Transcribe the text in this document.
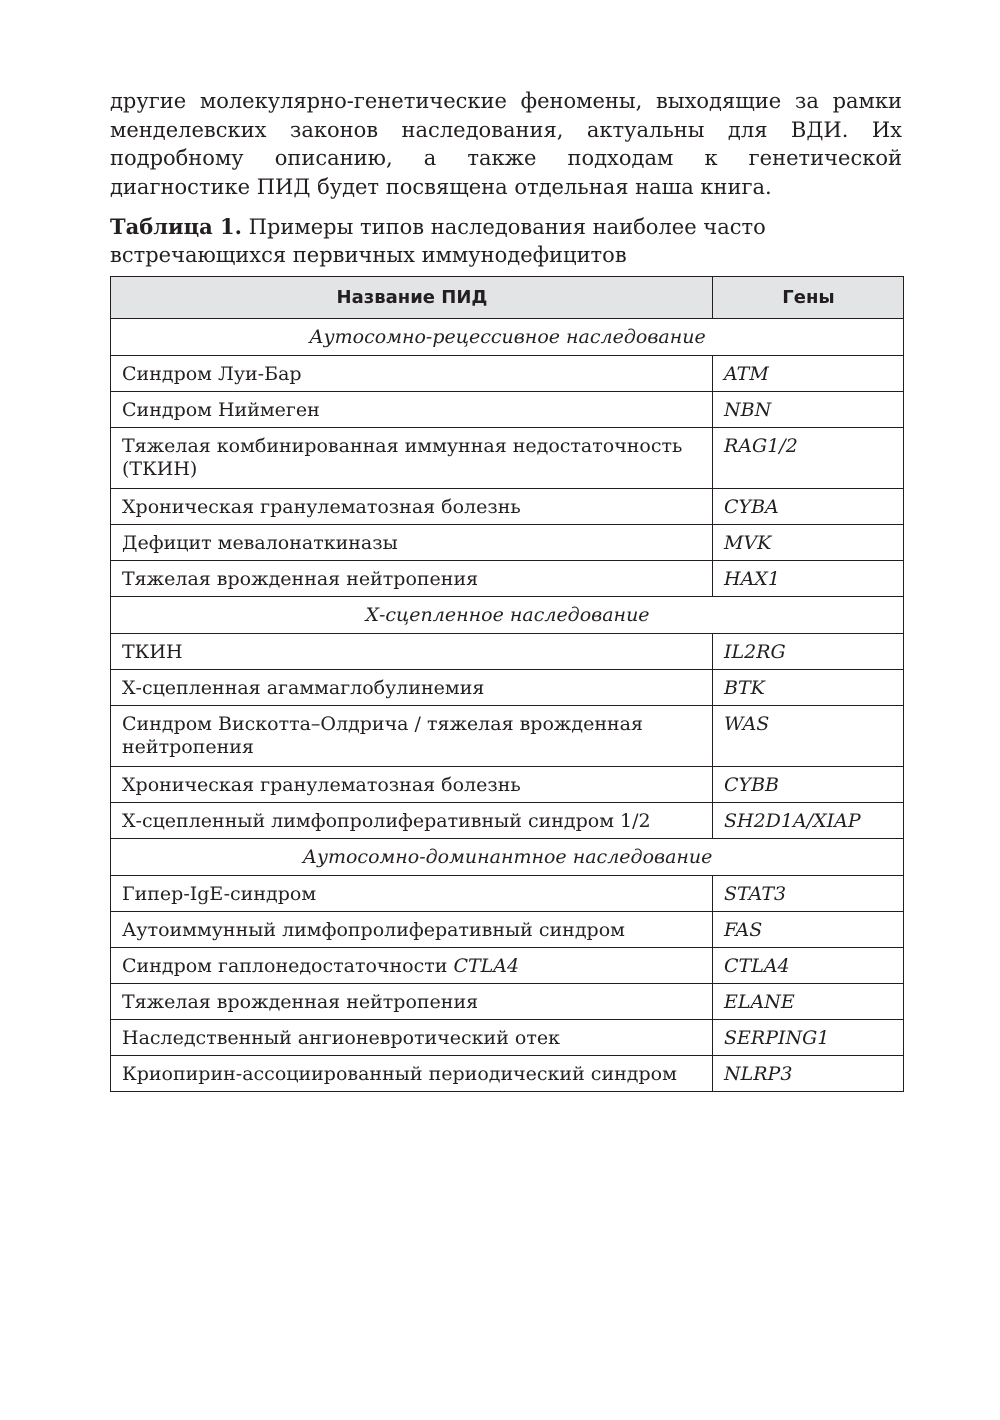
другие молекулярно-генетические феномены, выходящие за рамки менделевских законов наследования, актуальны для ВДИ. Их подробному описанию, а также подходам к генетической диагностике ПИД будет посвящена отдельная наша книга.

Таблица 1. Примеры типов наследования наиболее часто встречающихся первичных иммунодефицитов

Название ПИД	Гены
Аутосомно-рецессивное наследование	
Синдром Луи-Бар	ATM
Синдром Ниймеген	NBN
Тяжелая комбинированная иммунная недостаточность (ТКИН)	RAG1/2
Хроническая гранулематозная болезнь	CYBA
Дефицит мевалонаткиназы	MVK
Тяжелая врожденная нейтропения	HAX1
Х-сцепленное наследование	
ТКИН	IL2RG
Х-сцепленная агаммаглобулинемия	BTK
Синдром Вискотта–Олдрича / тяжелая врожденная нейтропения	WAS
Хроническая гранулематозная болезнь	CYBB
Х-сцепленный лимфопролиферативный синдром 1/2	SH2D1A/XIAP
Аутосомно-доминантное наследование	
Гипер-IgE-синдром	STAT3
Аутоиммунный лимфопролиферативный синдром	FAS
Синдром гаплонедостаточности CTLA4	CTLA4
Тяжелая врожденная нейтропения	ELANE
Наследственный ангионевротический отек	SERPING1
Криопирин-ассоциированный периодический синдром	NLRP3
